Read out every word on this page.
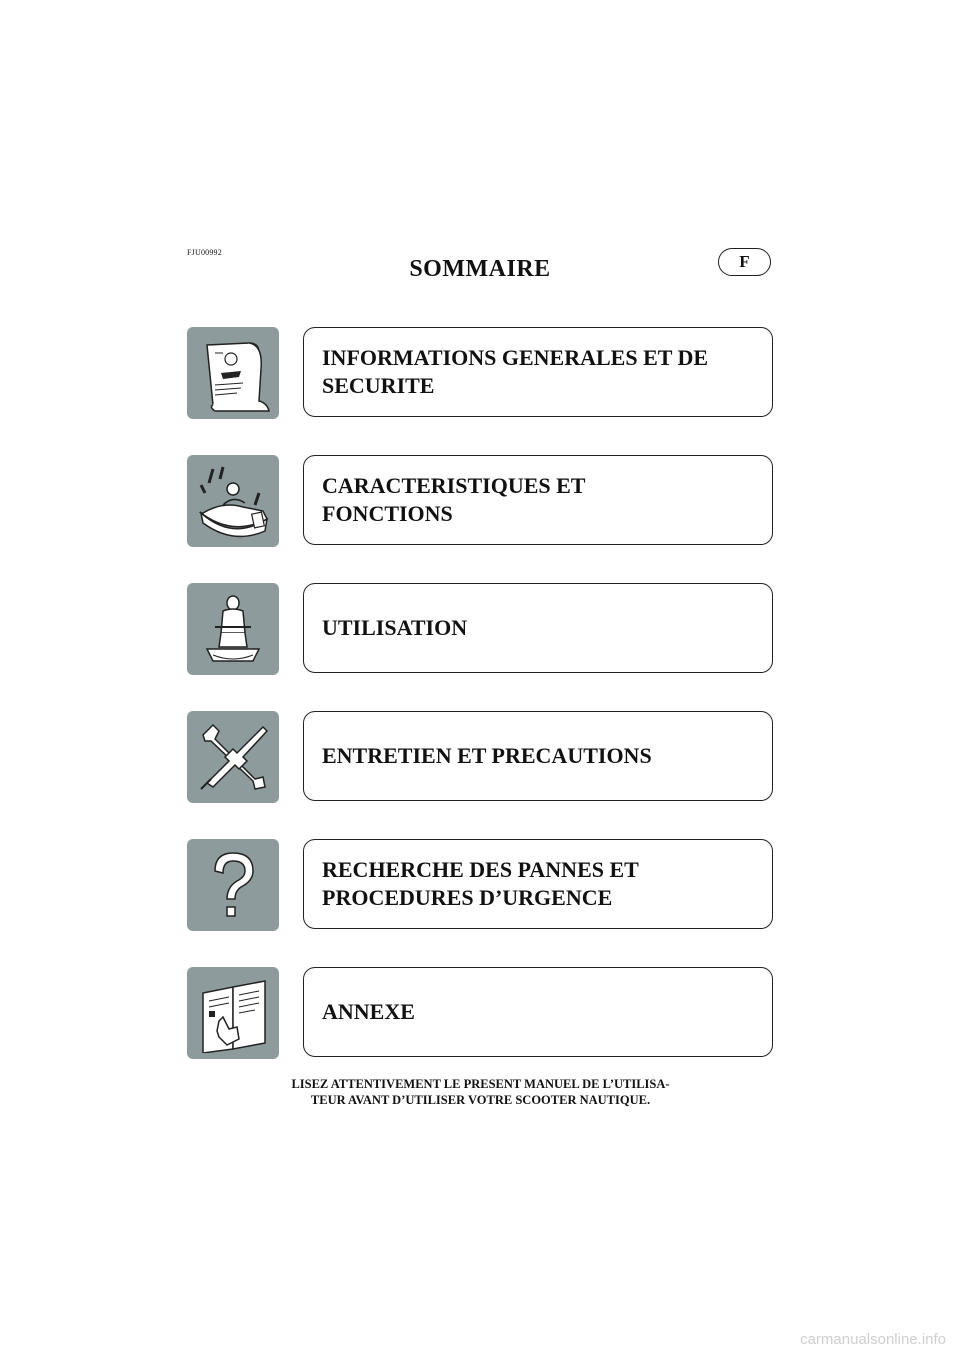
FJU00992	F
SOMMAIRE
INFORMATIONS GENERALES ET DE
SECURITE
CARACTERISTIQUES ET
FONCTIONS
UTILISATION
ENTRETIEN ET PRECAUTIONS
RECHERCHE DES PANNES ET
PROCEDURES D’URGENCE
ANNEXE
LISEZ ATTENTIVEMENT LE PRESENT MANUEL DE L’UTILISA-
TEUR AVANT D’UTILISER VOTRE SCOOTER NAUTIQUE.
carmanualsonline.info
